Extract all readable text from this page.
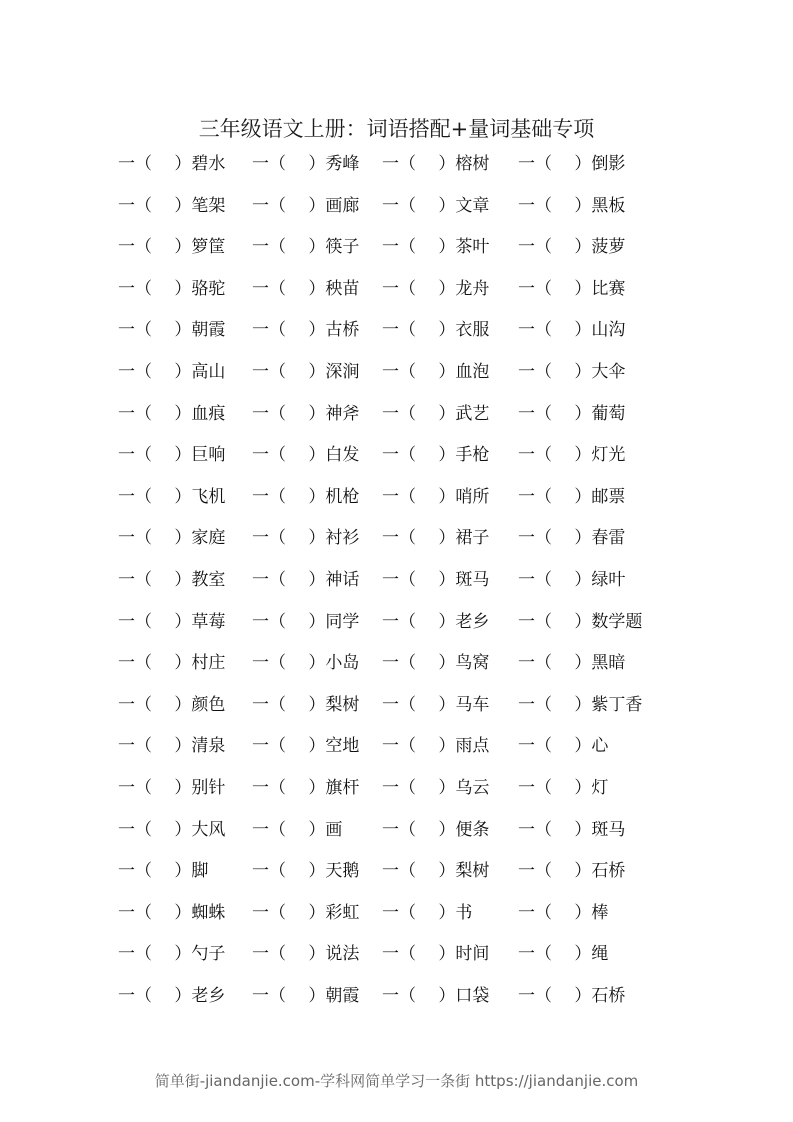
三年级语文上册：词语搭配+量词基础专项
一（　 ）碧水 一（　 ）秀峰 一（　 ）榕树 一（　 ）倒影
一（　 ）笔架 一（　 ）画廊 一（　 ）文章 一（　 ）黑板
一（　 ）箩筐 一（　 ）筷子 一（　 ）茶叶 一（　 ）菠萝
一（　 ）骆驼 一（　 ）秧苗 一（　 ）龙舟 一（　 ）比赛
一（　 ）朝霞 一（　 ）古桥 一（　 ）衣服 一（　 ）山沟
一（　 ）高山 一（　 ）深涧 一（　 ）血泡 一（　 ）大伞
一（　 ）血痕 一（　 ）神斧 一（　 ）武艺 一（　 ）葡萄
一（　 ）巨响 一（　 ）白发 一（　 ）手枪 一（　 ）灯光
一（　 ）飞机 一（　 ）机枪 一（　 ）哨所 一（　 ）邮票
一（　 ）家庭 一（　 ）衬衫 一（　 ）裙子 一（　 ）春雷
一（　 ）教室 一（　 ）神话 一（　 ）斑马 一（　 ）绿叶
一（　 ）草莓 一（　 ）同学 一（　 ）老乡 一（　 ）数学题
一（　 ）村庄 一（　 ）小岛 一（　 ）鸟窝 一（　 ）黑暗
一（　 ）颜色 一（　 ）梨树 一（　 ）马车 一（　 ）紫丁香
一（　 ）清泉 一（　 ）空地 一（　 ）雨点 一（　 ）心
一（　 ）别针 一（　 ）旗杆 一（　 ）乌云 一（　 ）灯
一（　 ）大风 一（　 ）画 一（　 ）便条 一（　 ）斑马
一（　 ）脚	一（　 ）天鹅 一（　 ）梨树 一（　 ）石桥
一（　 ）蜘蛛 一（　 ）彩虹 一（　 ）书	一（　 ）棒
一（　 ）勺子 一（　 ）说法 一（　 ）时间 一（　 ）绳
一（　 ）老乡 一（　 ）朝霞 一（　 ）口袋 一（　 ）石桥
简单街-jiandanjie.com-学科网简单学习一条街 https://jiandanjie.com
